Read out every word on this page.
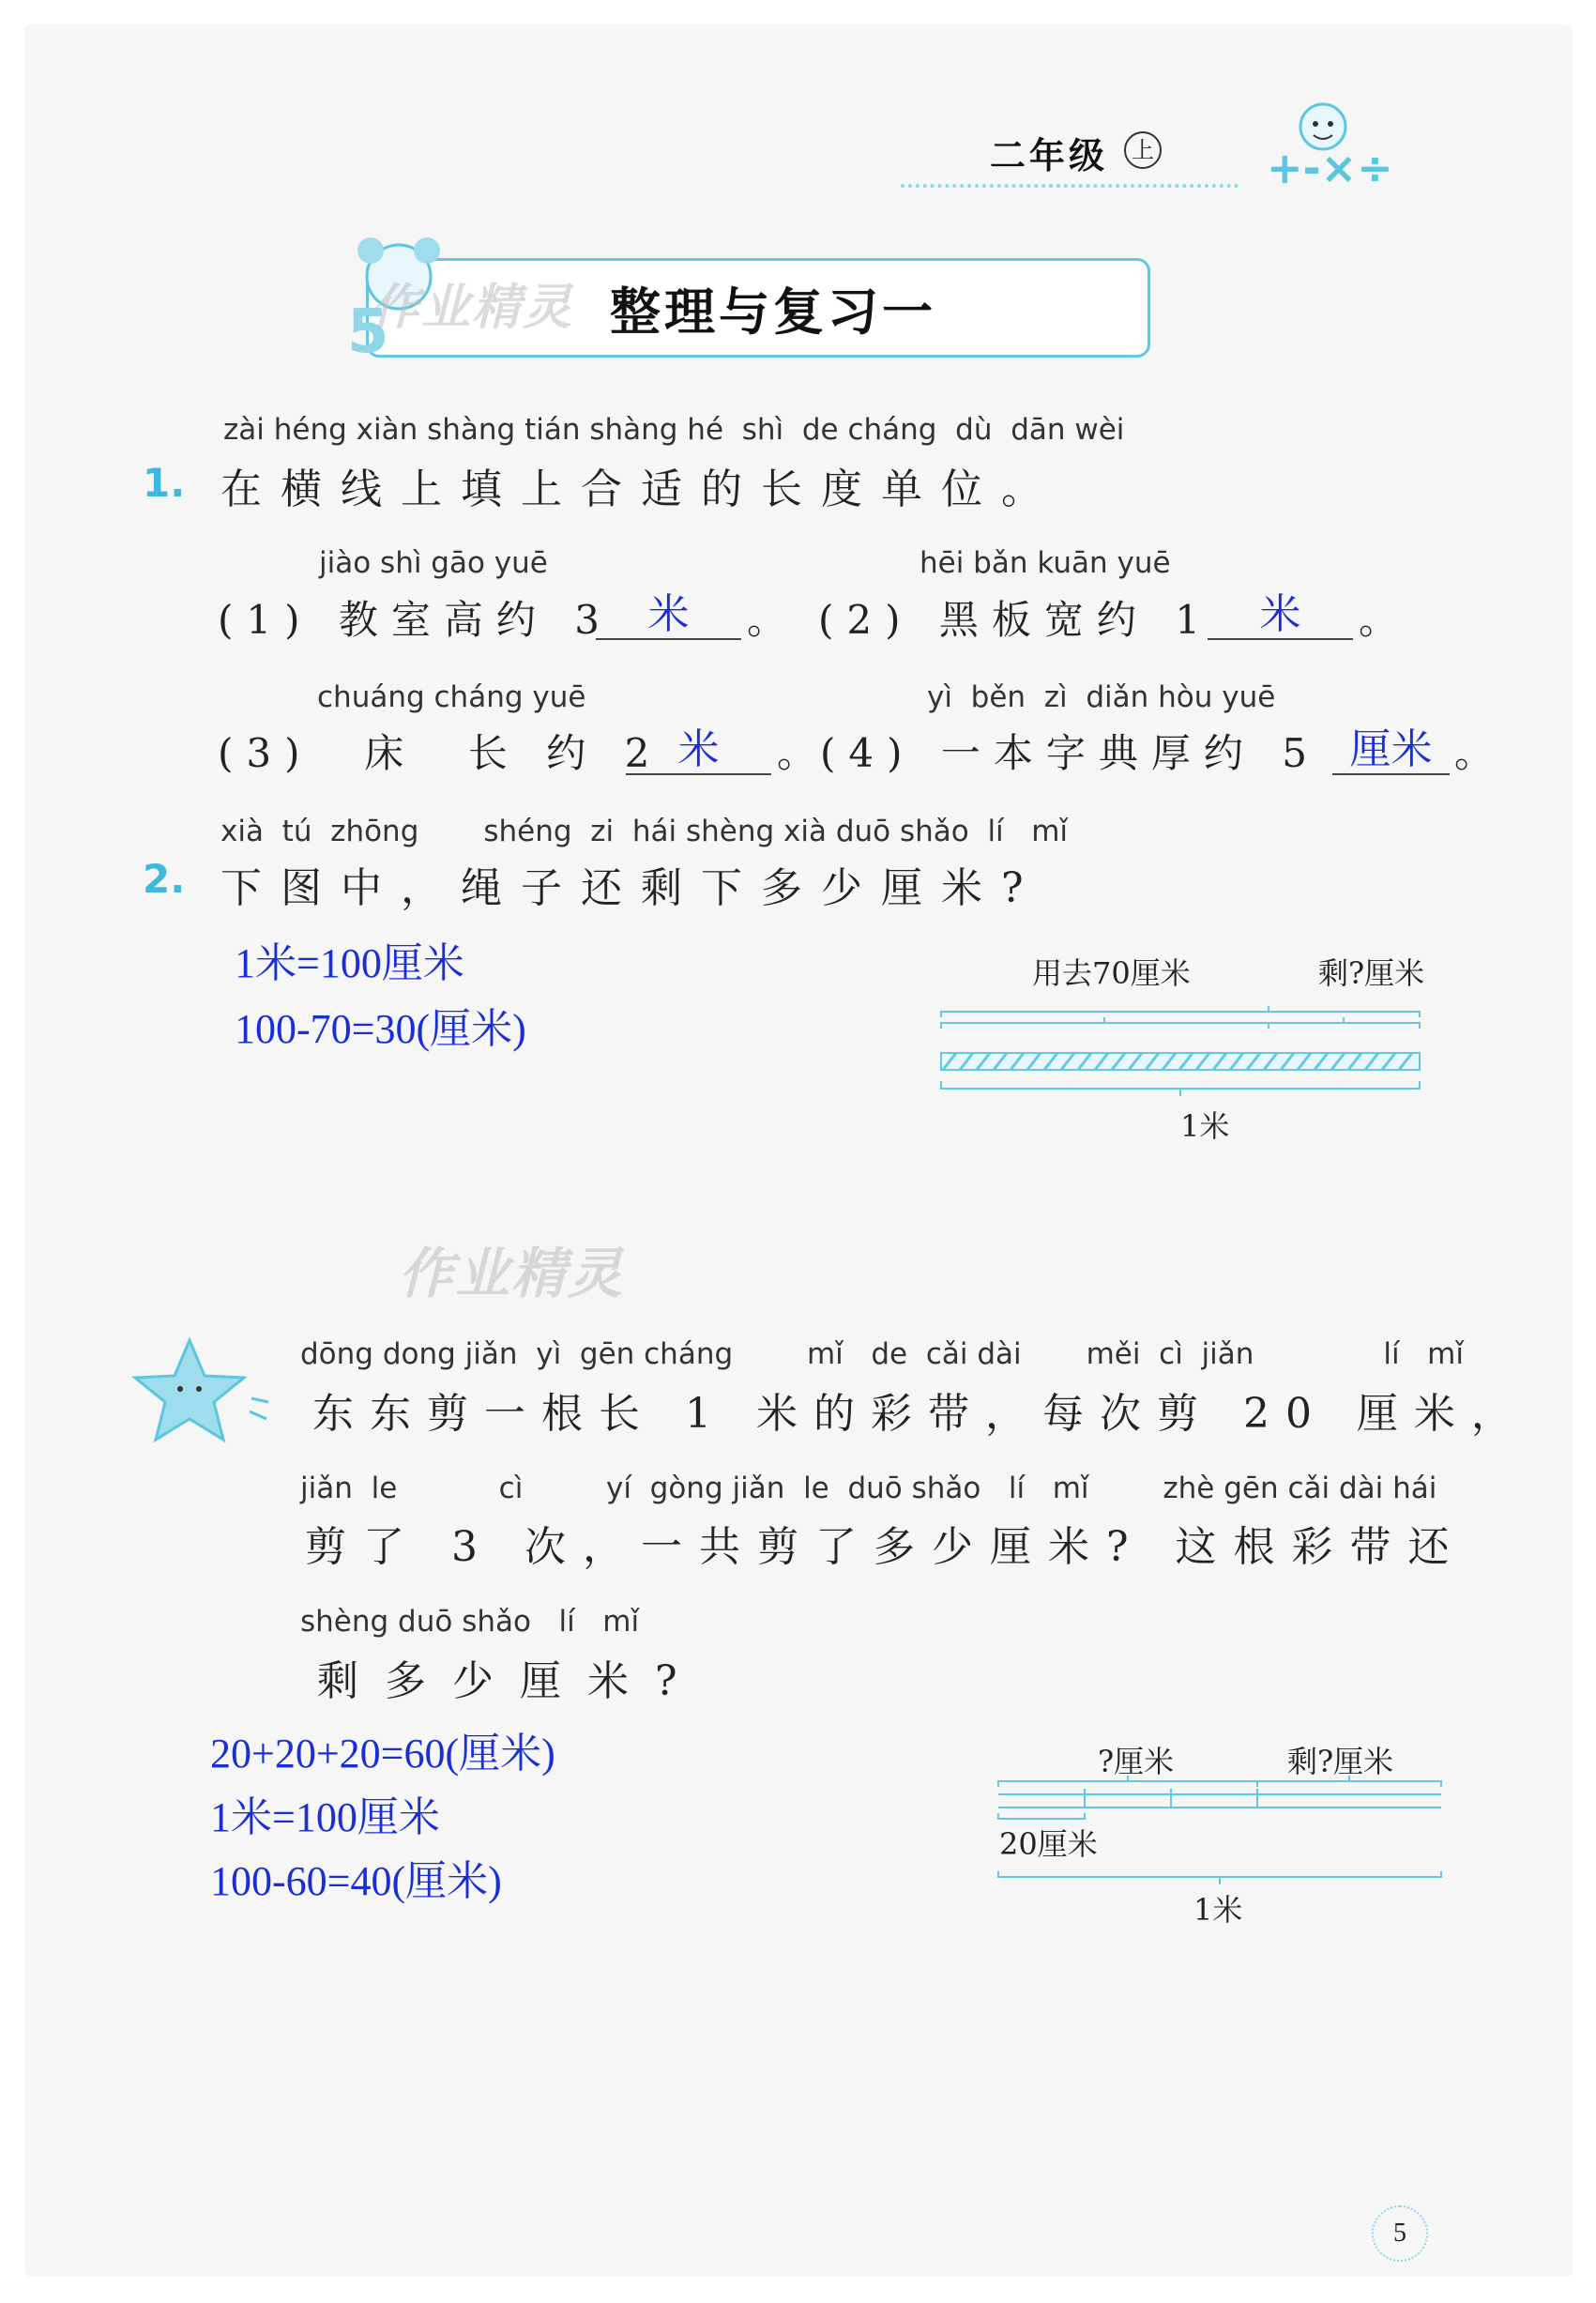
二年级	上	+-×÷
5
作业精灵 整理与复习一
zài héng xiàn shàng tián shàng hé  shì  de cháng  dù  dān wèi
1. 在横线上填上合适的长度单位。
jiào shì gāo yuē
(1) 教室高约 3 米	。
hēi bǎn kuān yuē
(2) 黑板宽约 1	米	。
chuáng cháng yuē
(3)  床  长 约 2 米	。
yì  běn  zì  diǎn hòu yuē
(4) 一本字典厚约 5 厘米 。
xià  tú  zhōng       shéng  zi  hái shèng xià duō shǎo  lí   mǐ
2. 下图中，绳子还剩下多少厘米?
1米=100厘米
100-70=30(厘米)
用去70厘米	剩?厘米
1米
作业精灵
dōng dong jiǎn  yì  gēn cháng        mǐ   de  cǎi dài       měi  cì  jiǎn              lí   mǐ
东东剪一根长 1 米的彩带，每次剪 20 厘米，
jiǎn  le           cì         yí  gòng jiǎn  le  duō shǎo   lí   mǐ        zhè gēn cǎi dài hái
剪了 3 次，一共剪了多少厘米? 这根彩带还
shèng duō shǎo   lí   mǐ
剩多少厘米?
20+20+20=60(厘米)
1米=100厘米
100-60=40(厘米)
?厘米	剩?厘米
20厘米
1米
5
